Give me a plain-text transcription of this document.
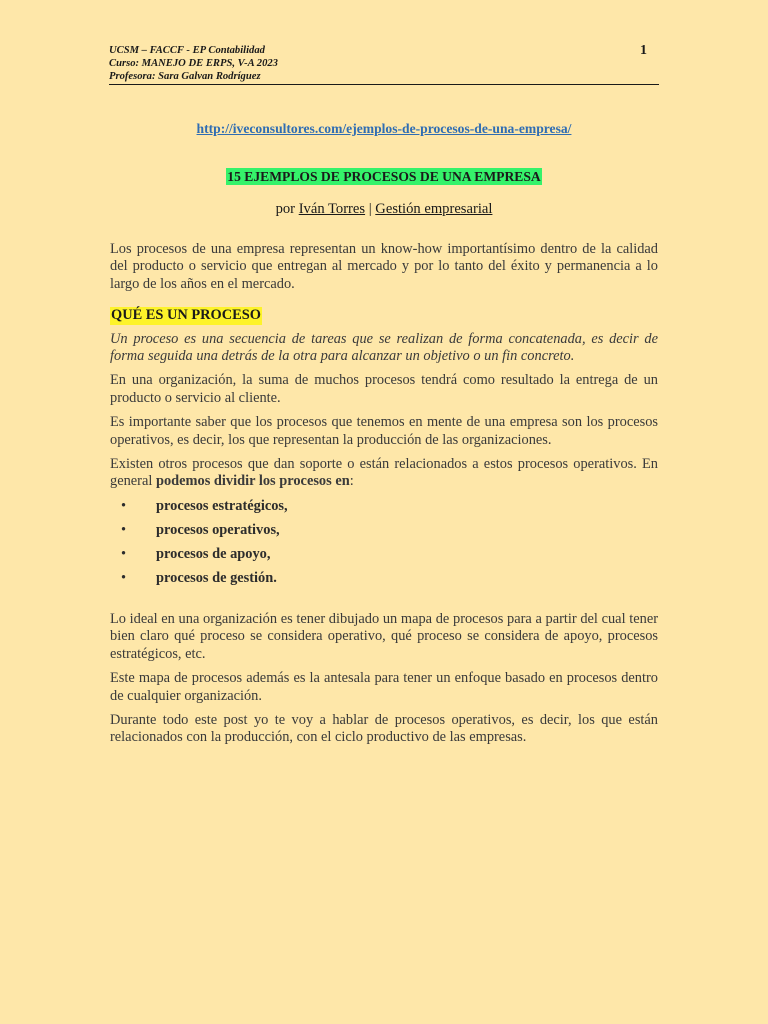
UCSM – FACCF - EP Contabilidad
Curso: MANEJO DE ERPS, V-A 2023
Profesora: Sara Galvan Rodríguez
1
http://iveconsultores.com/ejemplos-de-procesos-de-una-empresa/
15 EJEMPLOS DE PROCESOS DE UNA EMPRESA
por Iván Torres | Gestión empresarial

Los procesos de una empresa representan un know-how importantísimo dentro de la calidad del producto o servicio que entregan al mercado y por lo tanto del éxito y permanencia a lo largo de los años en el mercado.

QUÉ ES UN PROCESO

Un proceso es una secuencia de tareas que se realizan de forma concatenada, es decir de forma seguida una detrás de la otra para alcanzar un objetivo o un fin concreto.

En una organización, la suma de muchos procesos tendrá como resultado la entrega de un producto o servicio al cliente.

Es importante saber que los procesos que tenemos en mente de una empresa son los procesos operativos, es decir, los que representan la producción de las organizaciones.

Existen otros procesos que dan soporte o están relacionados a estos procesos operativos. En general podemos dividir los procesos en:

• procesos estratégicos,
• procesos operativos,
• procesos de apoyo,
• procesos de gestión.

Lo ideal en una organización es tener dibujado un mapa de procesos para a partir del cual tener bien claro qué proceso se considera operativo, qué proceso se considera de apoyo, procesos estratégicos, etc.

Este mapa de procesos además es la antesala para tener un enfoque basado en procesos dentro de cualquier organización.

Durante todo este post yo te voy a hablar de procesos operativos, es decir, los que están relacionados con la producción, con el ciclo productivo de las empresas.
